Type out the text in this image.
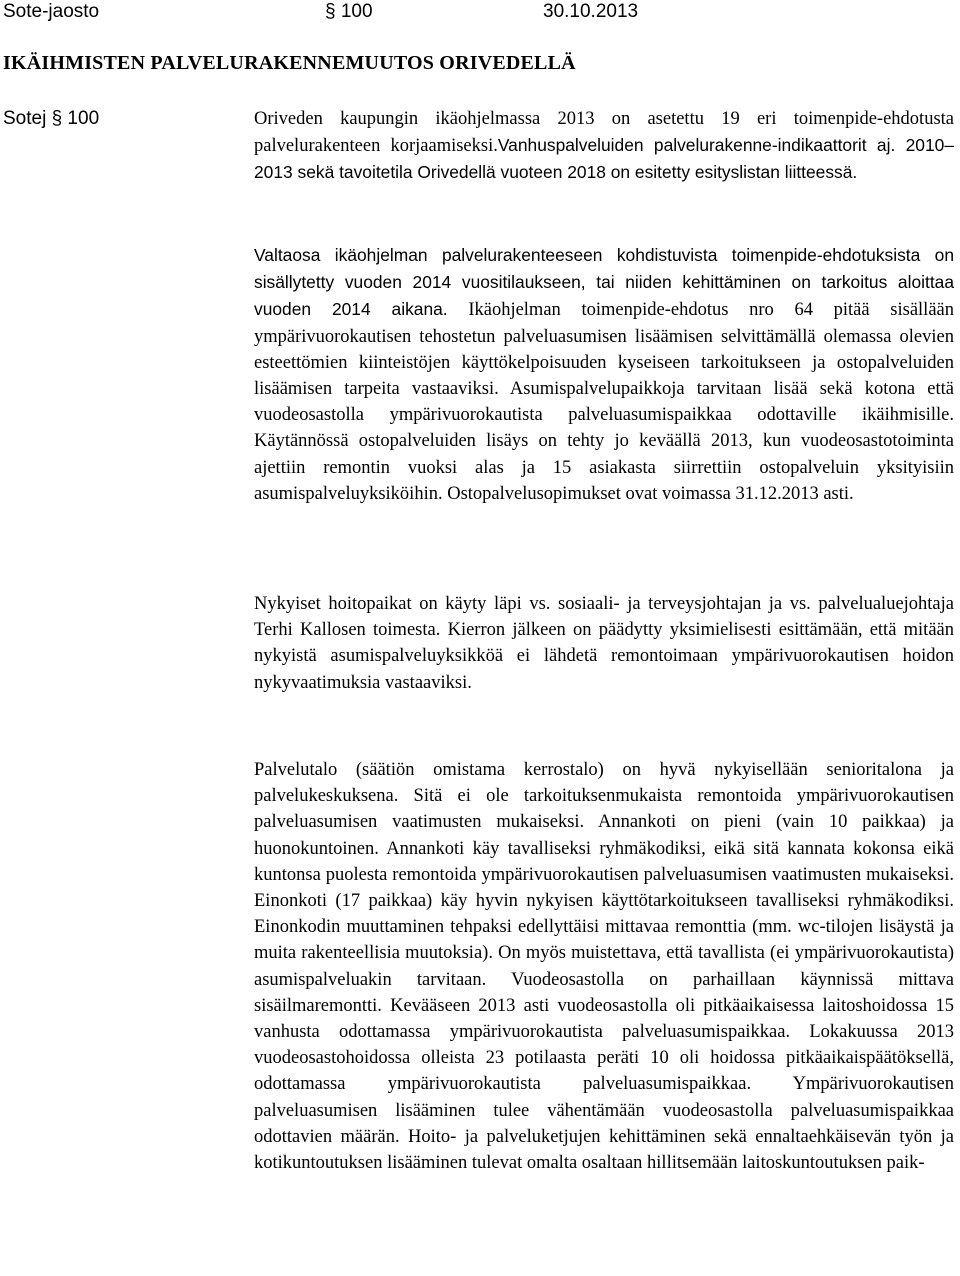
Sote-jaosto	§ 100	30.10.2013
IKÄIHMISTEN PALVELURAKENNEMUUTOS ORIVEDELLÄ
Sotej § 100	Oriveden kaupungin ikäohjelmassa 2013 on asetettu 19 eri toimenpide-ehdotusta palvelurakenteen korjaamiseksi.Vanhuspalveluiden palvelurakenne-indikaattorit aj. 2010–2013 sekä tavoitetila Orivedellä vuoteen 2018 on esitetty esityslistan liitteessä.

Valtaosa ikäohjelman palvelurakenteeseen kohdistuvista toimenpide-ehdotuksista on sisällytetty vuoden 2014 vuositilaukseen, tai niiden kehittäminen on tarkoitus aloittaa vuoden 2014 aikana. Ikäohjelman toimenpide-ehdotus nro 64 pitää sisällään ympärivuorokautisen tehostetun palveluasumisen lisäämisen selvittämällä olemassa olevien esteettömien kiinteistöjen käyttökelpoisuuden kyseiseen tarkoitukseen ja ostopalveluiden lisäämisen tarpeita vastaaviksi. Asumispalvelupaikkoja tarvitaan lisää sekä kotona että vuodeosastolla ympärivuorokautista palveluasumispaikkaa odottaville ikäihmisille. Käytännössä ostopalveluiden lisäys on tehty jo keväällä 2013, kun vuodeosastotoiminta ajettiin remontin vuoksi alas ja 15 asiakasta siirrettiin ostopalveluin yksityisiin asumispalveluyksiköihin. Ostopalvelusopimukset ovat voimassa 31.12.2013 asti.

Nykyiset hoitopaikat on käyty läpi vs. sosiaali- ja terveysjohtajan ja vs. palvelualuejohtaja Terhi Kallosen toimesta. Kierron jälkeen on päädytty yksimielisesti esittämään, että mitään nykyistä asumispalveluyksikköä ei lähdetä remontoimaan ympärivuorokautisen hoidon nykyvaatimuksia vastaaviksi.

Palvelutalo (säätiön omistama kerrostalo) on hyvä nykyisellään senioritalona ja palvelukeskuksena. Sitä ei ole tarkoituksenmukaista remontoida ympärivuorokautisen palveluasumisen vaatimusten mukaiseksi. Annankoti on pieni (vain 10 paikkaa) ja huonokuntoinen. Annankoti käy tavalliseksi ryhmäkodiksi, eikä sitä kannata kokonsa eikä kuntonsa puolesta remontoida ympärivuorokautisen palveluasumisen vaatimusten mukaiseksi. Einonkoti (17 paikkaa) käy hyvin nykyisen käyttötarkoitukseen tavalliseksi ryhmäkodiksi. Einonkodin muuttaminen tehpaksi edellyttäisi mittavaa remonttia (mm. wc-tilojen lisäystä ja muita rakenteellisia muutoksia). On myös muistettava, että tavallista (ei ympärivuorokautista) asumispalveluakin tarvitaan. Vuodeosastolla on parhaillaan käynnissä mittava sisäilmaremontti. Kevääseen 2013 asti vuodeosastolla oli pitkäaikaisessa laitoshoidossa 15 vanhusta odottamassa ympärivuorokautista palveluasumispaikkaa. Lokakuussa 2013 vuodeosastohoidossa olleista 23 potilaasta peräti 10 oli hoidossa pitkäaikaispäätöksellä, odottamassa ympärivuorokautista palveluasumispaikkaa. Ympärivuorokautisen palveluasumisen lisääminen tulee vähentämään vuodeosastolla palveluasumispaikkaa odottavien määrän. Hoito- ja palveluketjujen kehittäminen sekä ennaltaehkäisevän työn ja kotikuntoutuksen lisääminen tulevat omalta osaltaan hillitsemään laitoskuntoutuksen paik-
